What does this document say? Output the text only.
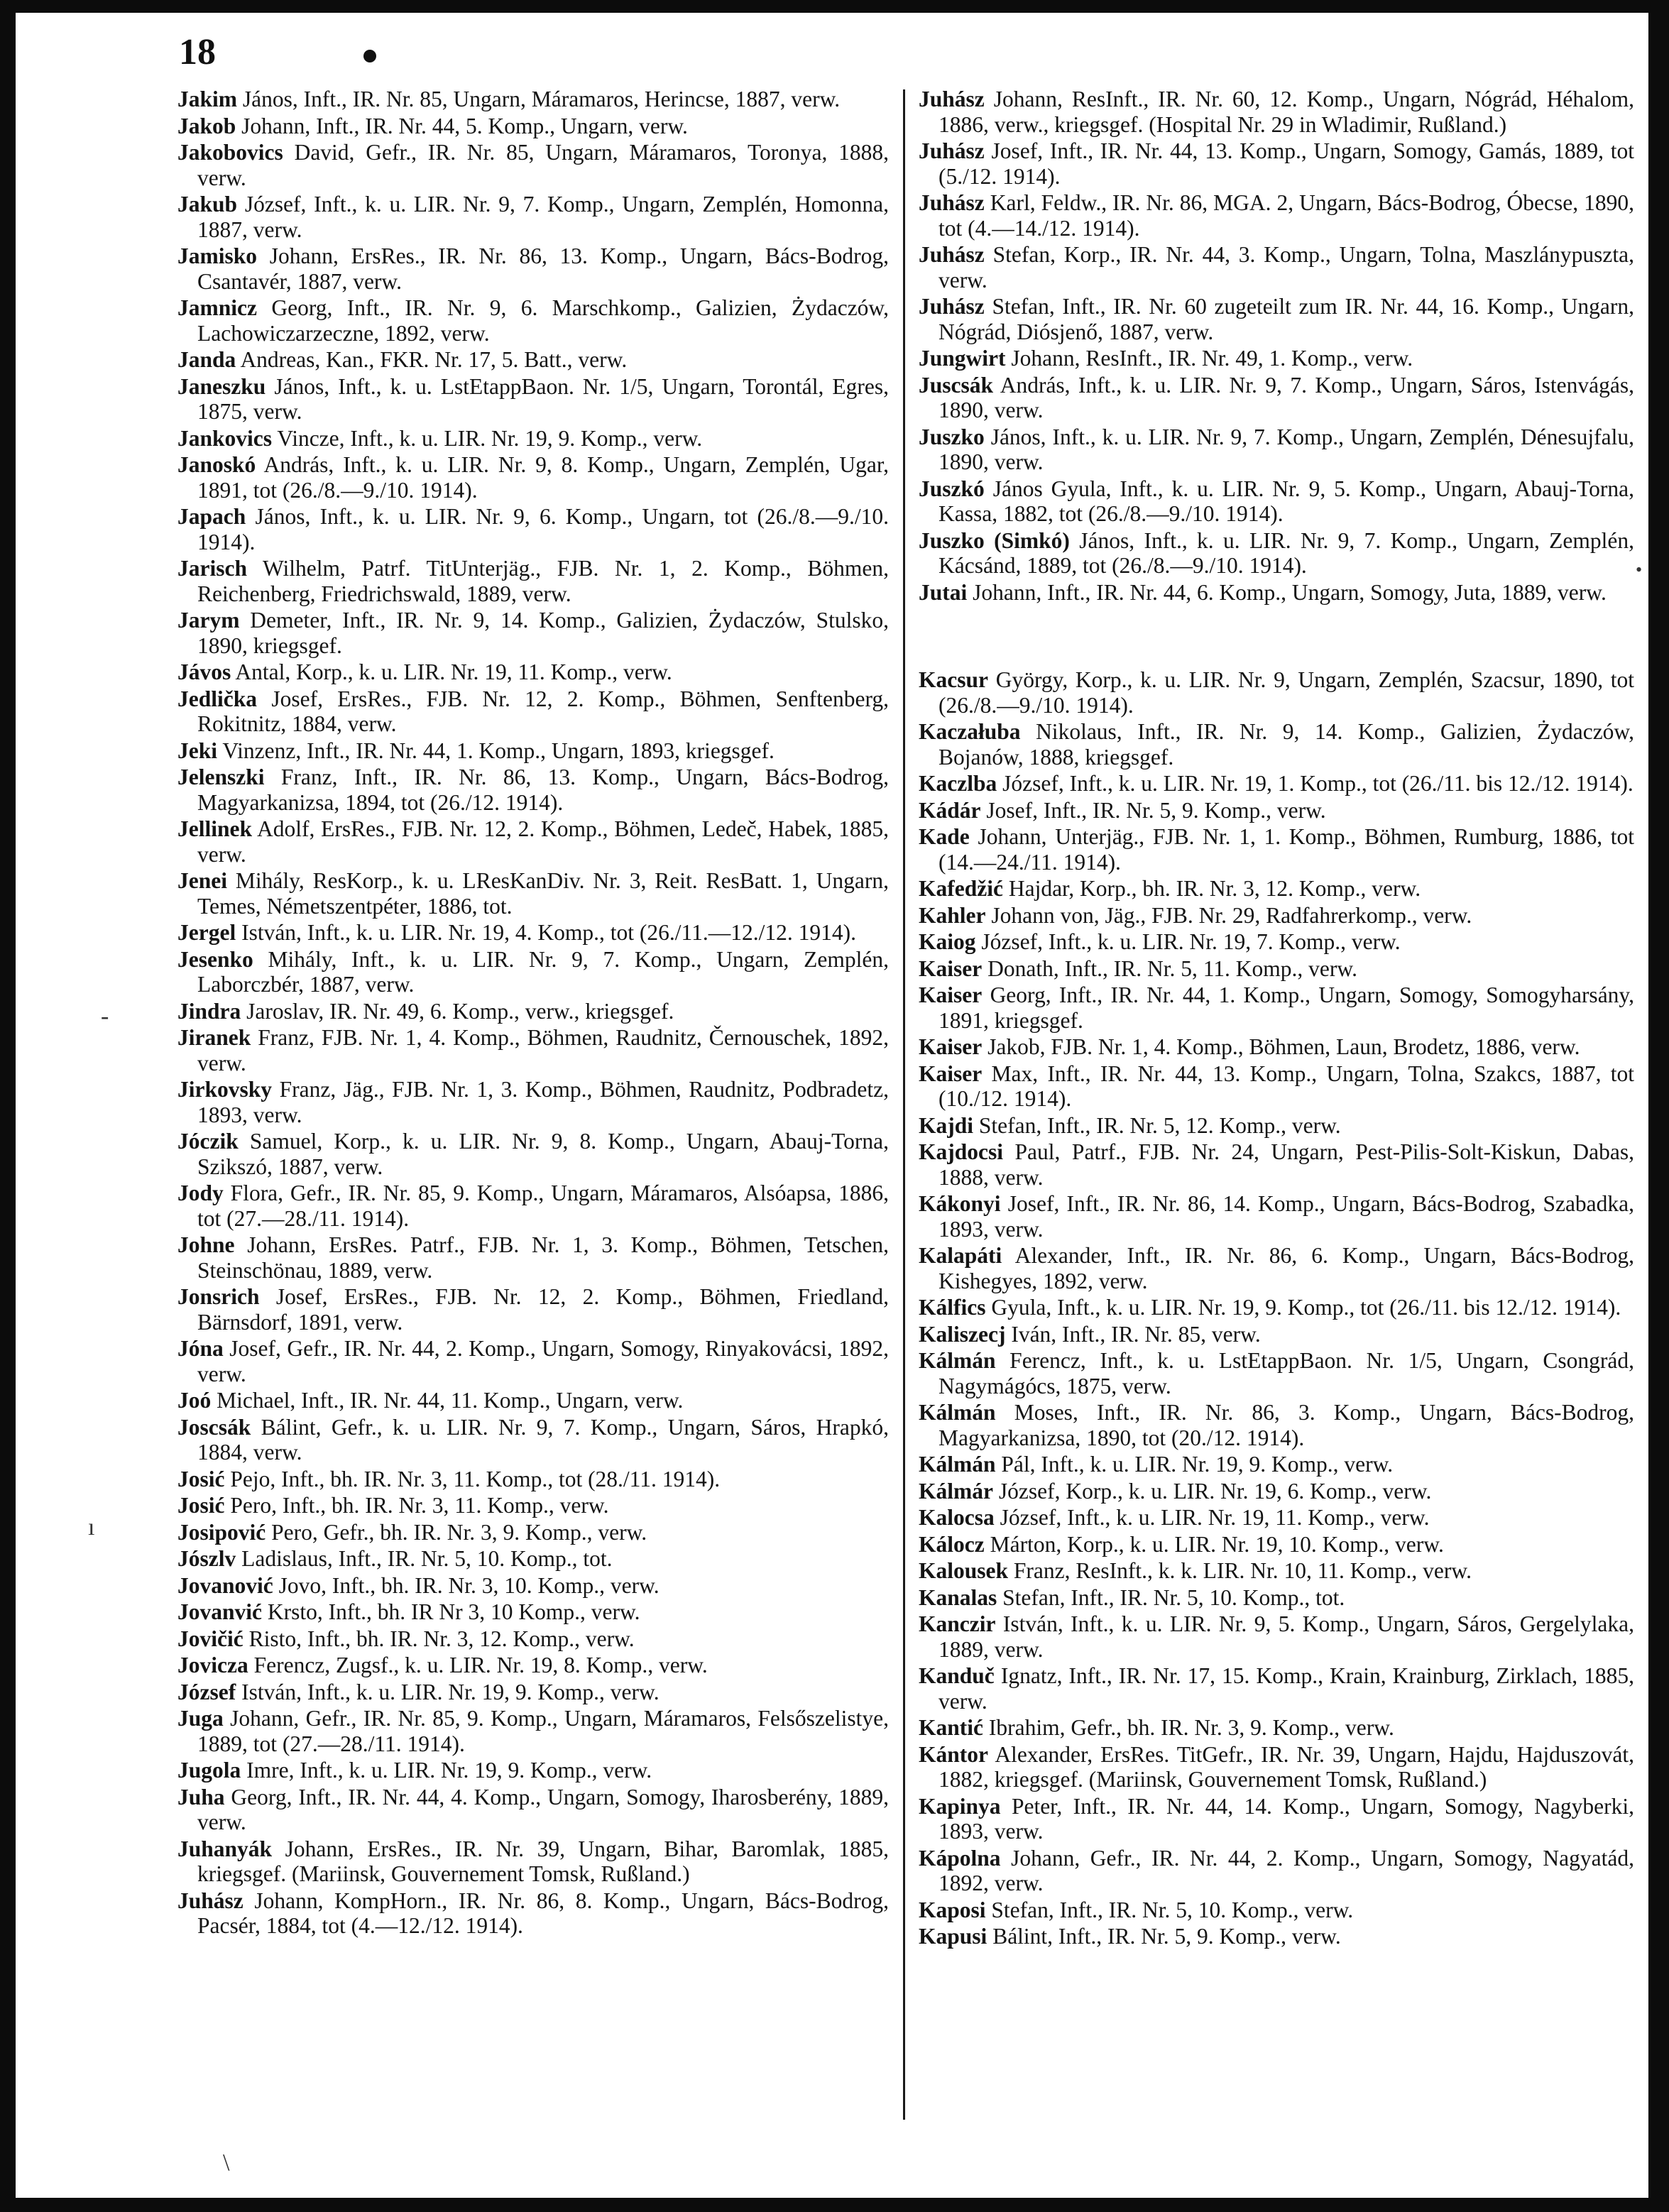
18

Jakim János, Inft., IR. Nr. 85, Ungarn, Máramaros, Herincse, 1887, verw.

Jakob Johann, Inft., IR. Nr. 44, 5. Komp., Ungarn, verw.

Jakobovics David, Gefr., IR. Nr. 85, Ungarn, Máramaros, Toronya, 1888, verw.

Jakub József, Inft., k. u. LIR. Nr. 9, 7. Komp., Ungarn, Zemplén, Homonna, 1887, verw.

Jamisko Johann, ErsRes., IR. Nr. 86, 13. Komp., Ungarn, Bács-Bodrog, Csantavér, 1887, verw.

Jamnicz Georg, Inft., IR. Nr. 9, 6. Marschkomp., Galizien, Żydaczów, Lachowiczarzeczne, 1892, verw.

Janda Andreas, Kan., FKR. Nr. 17, 5. Batt., verw.

Janeszku János, Inft., k. u. LstEtappBaon. Nr. 1/5, Ungarn, Torontál, Egres, 1875, verw.

Jankovics Vincze, Inft., k. u. LIR. Nr. 19, 9. Komp., verw.

Janoskó András, Inft., k. u. LIR. Nr. 9, 8. Komp., Ungarn, Zemplén, Ugar, 1891, tot (26./8.—9./10. 1914).

Japach János, Inft., k. u. LIR. Nr. 9, 6. Komp., Ungarn, tot (26./8.—9./10. 1914).

Jarisch Wilhelm, Patrf. TitUnterjäg., FJB. Nr. 1, 2. Komp., Böhmen, Reichenberg, Friedrichswald, 1889, verw.

Jarym Demeter, Inft., IR. Nr. 9, 14. Komp., Galizien, Żydaczów, Stulsko, 1890, kriegsgef.

Jávos Antal, Korp., k. u. LIR. Nr. 19, 11. Komp., verw.

Jedlička Josef, ErsRes., FJB. Nr. 12, 2. Komp., Böhmen, Senftenberg, Rokitnitz, 1884, verw.

Jeki Vinzenz, Inft., IR. Nr. 44, 1. Komp., Ungarn, 1893, kriegsgef.

Jelenszki Franz, Inft., IR. Nr. 86, 13. Komp., Ungarn, Bács-Bodrog, Magyarkanizsa, 1894, tot (26./12. 1914).

Jellinek Adolf, ErsRes., FJB. Nr. 12, 2. Komp., Böhmen, Ledeč, Habek, 1885, verw.

Jenei Mihály, ResKorp., k. u. LResKanDiv. Nr. 3, Reit. ResBatt. 1, Ungarn, Temes, Németszentpéter, 1886, tot.

Jergel István, Inft., k. u. LIR. Nr. 19, 4. Komp., tot (26./11.—12./12. 1914).

Jesenko Mihály, Inft., k. u. LIR. Nr. 9, 7. Komp., Ungarn, Zemplén, Laborczbér, 1887, verw.

Jindra Jaroslav, IR. Nr. 49, 6. Komp., verw., kriegsgef.

Jiranek Franz, FJB. Nr. 1, 4. Komp., Böhmen, Raudnitz, Černouschek, 1892, verw.

Jirkovsky Franz, Jäg., FJB. Nr. 1, 3. Komp., Böhmen, Raudnitz, Podbradetz, 1893, verw.

Jóczik Samuel, Korp., k. u. LIR. Nr. 9, 8. Komp., Ungarn, Abauj-Torna, Szikszó, 1887, verw.

Jody Flora, Gefr., IR. Nr. 85, 9. Komp., Ungarn, Máramaros, Alsóapsa, 1886, tot (27.—28./11. 1914).

Johne Johann, ErsRes. Patrf., FJB. Nr. 1, 3. Komp., Böhmen, Tetschen, Steinschönau, 1889, verw.

Jonsrich Josef, ErsRes., FJB. Nr. 12, 2. Komp., Böhmen, Friedland, Bärnsdorf, 1891, verw.

Jóna Josef, Gefr., IR. Nr. 44, 2. Komp., Ungarn, Somogy, Rinyakovácsi, 1892, verw.

Joó Michael, Inft., IR. Nr. 44, 11. Komp., Ungarn, verw.

Joscsák Bálint, Gefr., k. u. LIR. Nr. 9, 7. Komp., Ungarn, Sáros, Hrapkó, 1884, verw.

Josić Pejo, Inft., bh. IR. Nr. 3, 11. Komp., tot (28./11. 1914).

Josić Pero, Inft., bh. IR. Nr. 3, 11. Komp., verw.

Josipović Pero, Gefr., bh. IR. Nr. 3, 9. Komp., verw.

Jószlv Ladislaus, Inft., IR. Nr. 5, 10. Komp., tot.

Jovanović Jovo, Inft., bh. IR. Nr. 3, 10. Komp., verw.

Jovanvić Krsto, Inft., bh. IR Nr 3, 10 Komp., verw.

Jovičić Risto, Inft., bh. IR. Nr. 3, 12. Komp., verw.

Jovicza Ferencz, Zugsf., k. u. LIR. Nr. 19, 8. Komp., verw.

József István, Inft., k. u. LIR. Nr. 19, 9. Komp., verw.

Juga Johann, Gefr., IR. Nr. 85, 9. Komp., Ungarn, Máramaros, Felsőszelistye, 1889, tot (27.—28./11. 1914).

Jugola Imre, Inft., k. u. LIR. Nr. 19, 9. Komp., verw.

Juha Georg, Inft., IR. Nr. 44, 4. Komp., Ungarn, Somogy, Iharosberény, 1889, verw.

Juhanyák Johann, ErsRes., IR. Nr. 39, Ungarn, Bihar, Baromlak, 1885, kriegsgef. (Mariinsk, Gouvernement Tomsk, Rußland.)

Juhász Johann, KompHorn., IR. Nr. 86, 8. Komp., Ungarn, Bács-Bodrog, Pacsér, 1884, tot (4.—12./12. 1914).

Juhász Johann, ResInft., IR. Nr. 60, 12. Komp., Ungarn, Nógrád, Héhalom, 1886, verw., kriegsgef. (Hospital Nr. 29 in Wladimir, Rußland.)

Juhász Josef, Inft., IR. Nr. 44, 13. Komp., Ungarn, Somogy, Gamás, 1889, tot (5./12. 1914).

Juhász Karl, Feldw., IR. Nr. 86, MGA. 2, Ungarn, Bács-Bodrog, Óbecse, 1890, tot (4.—14./12. 1914).

Juhász Stefan, Korp., IR. Nr. 44, 3. Komp., Ungarn, Tolna, Maszlánypuszta, verw.

Juhász Stefan, Inft., IR. Nr. 60 zugeteilt zum IR. Nr. 44, 16. Komp., Ungarn, Nógrád, Diósjenő, 1887, verw.

Jungwirt Johann, ResInft., IR. Nr. 49, 1. Komp., verw.

Juscsák András, Inft., k. u. LIR. Nr. 9, 7. Komp., Ungarn, Sáros, Istenvágás, 1890, verw.

Juszko János, Inft., k. u. LIR. Nr. 9, 7. Komp., Ungarn, Zemplén, Dénesujfalu, 1890, verw.

Juszkó János Gyula, Inft., k. u. LIR. Nr. 9, 5. Komp., Ungarn, Abauj-Torna, Kassa, 1882, tot (26./8.—9./10. 1914).

Juszko (Simkó) János, Inft., k. u. LIR. Nr. 9, 7. Komp., Ungarn, Zemplén, Kácsánd, 1889, tot (26./8.—9./10. 1914).

Jutai Johann, Inft., IR. Nr. 44, 6. Komp., Ungarn, Somogy, Juta, 1889, verw.

Kacsur György, Korp., k. u. LIR. Nr. 9, Ungarn, Zemplén, Szacsur, 1890, tot (26./8.—9./10. 1914).

Kaczałuba Nikolaus, Inft., IR. Nr. 9, 14. Komp., Galizien, Żydaczów, Bojanów, 1888, kriegsgef.

Kaczlba József, Inft., k. u. LIR. Nr. 19, 1. Komp., tot (26./11. bis 12./12. 1914).

Kádár Josef, Inft., IR. Nr. 5, 9. Komp., verw.

Kade Johann, Unterjäg., FJB. Nr. 1, 1. Komp., Böhmen, Rumburg, 1886, tot (14.—24./11. 1914).

Kafedžić Hajdar, Korp., bh. IR. Nr. 3, 12. Komp., verw.

Kahler Johann von, Jäg., FJB. Nr. 29, Radfahrerkomp., verw.

Kaiog József, Inft., k. u. LIR. Nr. 19, 7. Komp., verw.

Kaiser Donath, Inft., IR. Nr. 5, 11. Komp., verw.

Kaiser Georg, Inft., IR. Nr. 44, 1. Komp., Ungarn, Somogy, Somogyharsány, 1891, kriegsgef.

Kaiser Jakob, FJB. Nr. 1, 4. Komp., Böhmen, Laun, Brodetz, 1886, verw.

Kaiser Max, Inft., IR. Nr. 44, 13. Komp., Ungarn, Tolna, Szakcs, 1887, tot (10./12. 1914).

Kajdi Stefan, Inft., IR. Nr. 5, 12. Komp., verw.

Kajdocsi Paul, Patrf., FJB. Nr. 24, Ungarn, Pest-Pilis-Solt-Kiskun, Dabas, 1888, verw.

Kákonyi Josef, Inft., IR. Nr. 86, 14. Komp., Ungarn, Bács-Bodrog, Szabadka, 1893, verw.

Kalapáti Alexander, Inft., IR. Nr. 86, 6. Komp., Ungarn, Bács-Bodrog, Kishegyes, 1892, verw.

Kálfics Gyula, Inft., k. u. LIR. Nr. 19, 9. Komp., tot (26./11. bis 12./12. 1914).

Kaliszecj Iván, Inft., IR. Nr. 85, verw.

Kálmán Ferencz, Inft., k. u. LstEtappBaon. Nr. 1/5, Ungarn, Csongrád, Nagymágócs, 1875, verw.

Kálmán Moses, Inft., IR. Nr. 86, 3. Komp., Ungarn, Bács-Bodrog, Magyarkanizsa, 1890, tot (20./12. 1914).

Kálmán Pál, Inft., k. u. LIR. Nr. 19, 9. Komp., verw.

Kálmár József, Korp., k. u. LIR. Nr. 19, 6. Komp., verw.

Kalocsa József, Inft., k. u. LIR. Nr. 19, 11. Komp., verw.

Kálocz Márton, Korp., k. u. LIR. Nr. 19, 10. Komp., verw.

Kalousek Franz, ResInft., k. k. LIR. Nr. 10, 11. Komp., verw.

Kanalas Stefan, Inft., IR. Nr. 5, 10. Komp., tot.

Kanczir István, Inft., k. u. LIR. Nr. 9, 5. Komp., Ungarn, Sáros, Gergelylaka, 1889, verw.

Kanduč Ignatz, Inft., IR. Nr. 17, 15. Komp., Krain, Krainburg, Zirklach, 1885, verw.

Kantić Ibrahim, Gefr., bh. IR. Nr. 3, 9. Komp., verw.

Kántor Alexander, ErsRes. TitGefr., IR. Nr. 39, Ungarn, Hajdu, Hajduszovát, 1882, kriegsgef. (Mariinsk, Gouvernement Tomsk, Rußland.)

Kapinya Peter, Inft., IR. Nr. 44, 14. Komp., Ungarn, Somogy, Nagyberki, 1893, verw.

Kápolna Johann, Gefr., IR. Nr. 44, 2. Komp., Ungarn, Somogy, Nagyatád, 1892, verw.

Kaposi Stefan, Inft., IR. Nr. 5, 10. Komp., verw.

Kapusi Bálint, Inft., IR. Nr. 5, 9. Komp., verw.

-
ı
\
•
